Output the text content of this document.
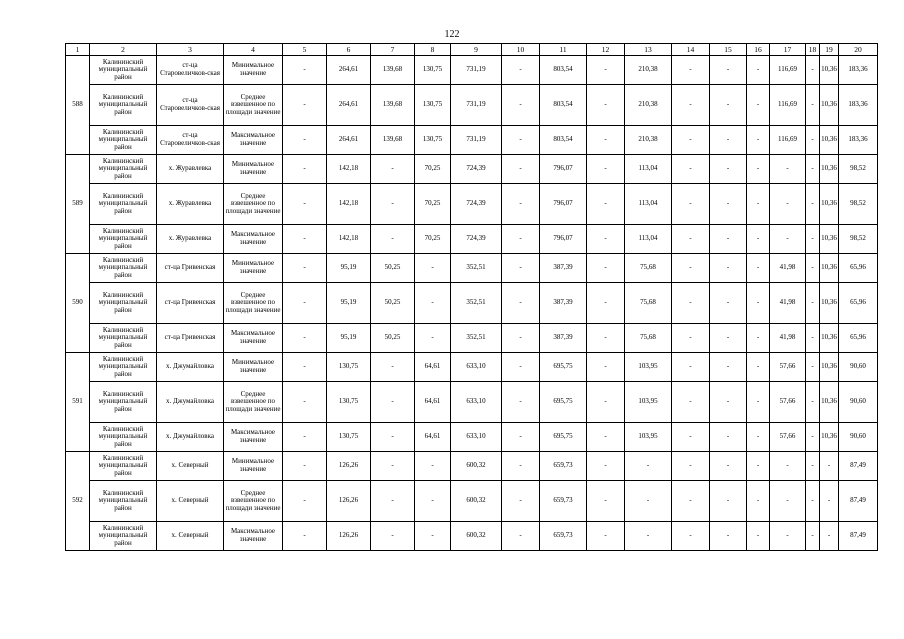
122
1	2	3	4	5	6	7	8	9	10	11	12	13	14	15	16	17	18	19	20
588	Калининский муниципальный район	ст-ца Старовеличков-ская	Минимальное значение	-	264,61	139,68	130,75	731,19	-	803,54	-	210,38	-	-	-	116,69	-	10,36	183,36
	Калининский муниципальный район	ст-ца Старовеличков-ская	Среднее взвешенное по площади значение	-	264,61	139,68	130,75	731,19	-	803,54	-	210,38	-	-	-	116,69	-	10,36	183,36
	Калининский муниципальный район	ст-ца Старовеличков-ская	Максимальное значение	-	264,61	139,68	130,75	731,19	-	803,54	-	210,38	-	-	-	116,69	-	10,36	183,36
589	Калининский муниципальный район	х. Журавлевка	Минимальное значение	-	142,18	-	70,25	724,39	-	796,07	-	113,04	-	-	-	-	-	10,36	98,52
	Калининский муниципальный район	х. Журавлевка	Среднее взвешенное по площади значение	-	142,18	-	70,25	724,39	-	796,07	-	113,04	-	-	-	-	-	10,36	98,52
	Калининский муниципальный район	х. Журавлевка	Максимальное значение	-	142,18	-	70,25	724,39	-	796,07	-	113,04	-	-	-	-	-	10,36	98,52
590	Калининский муниципальный район	ст-ца Гривенская	Минимальное значение	-	95,19	50,25	-	352,51	-	387,39	-	75,68	-	-	-	41,98	-	10,36	65,96
	Калининский муниципальный район	ст-ца Гривенская	Среднее взвешенное по площади значение	-	95,19	50,25	-	352,51	-	387,39	-	75,68	-	-	-	41,98	-	10,36	65,96
	Калининский муниципальный район	ст-ца Гривенская	Максимальное значение	-	95,19	50,25	-	352,51	-	387,39	-	75,68	-	-	-	41,98	-	10,36	65,96
591	Калининский муниципальный район	х. Джумайловка	Минимальное значение	-	130,75	-	64,61	633,10	-	695,75	-	103,95	-	-	-	57,66	-	10,36	90,60
	Калининский муниципальный район	х. Джумайловка	Среднее взвешенное по площади значение	-	130,75	-	64,61	633,10	-	695,75	-	103,95	-	-	-	57,66	-	10,36	90,60
	Калининский муниципальный район	х. Джумайловка	Максимальное значение	-	130,75	-	64,61	633,10	-	695,75	-	103,95	-	-	-	57,66	-	10,36	90,60
592	Калининский муниципальный район	х. Северный	Минимальное значение	-	126,26	-	-	600,32	-	659,73	-	-	-	-	-	-	-	-	87,49
	Калининский муниципальный район	х. Северный	Среднее взвешенное по площади значение	-	126,26	-	-	600,32	-	659,73	-	-	-	-	-	-	-	-	87,49
	Калининский муниципальный район	х. Северный	Максимальное значение	-	126,26	-	-	600,32	-	659,73	-	-	-	-	-	-	-	-	87,49
